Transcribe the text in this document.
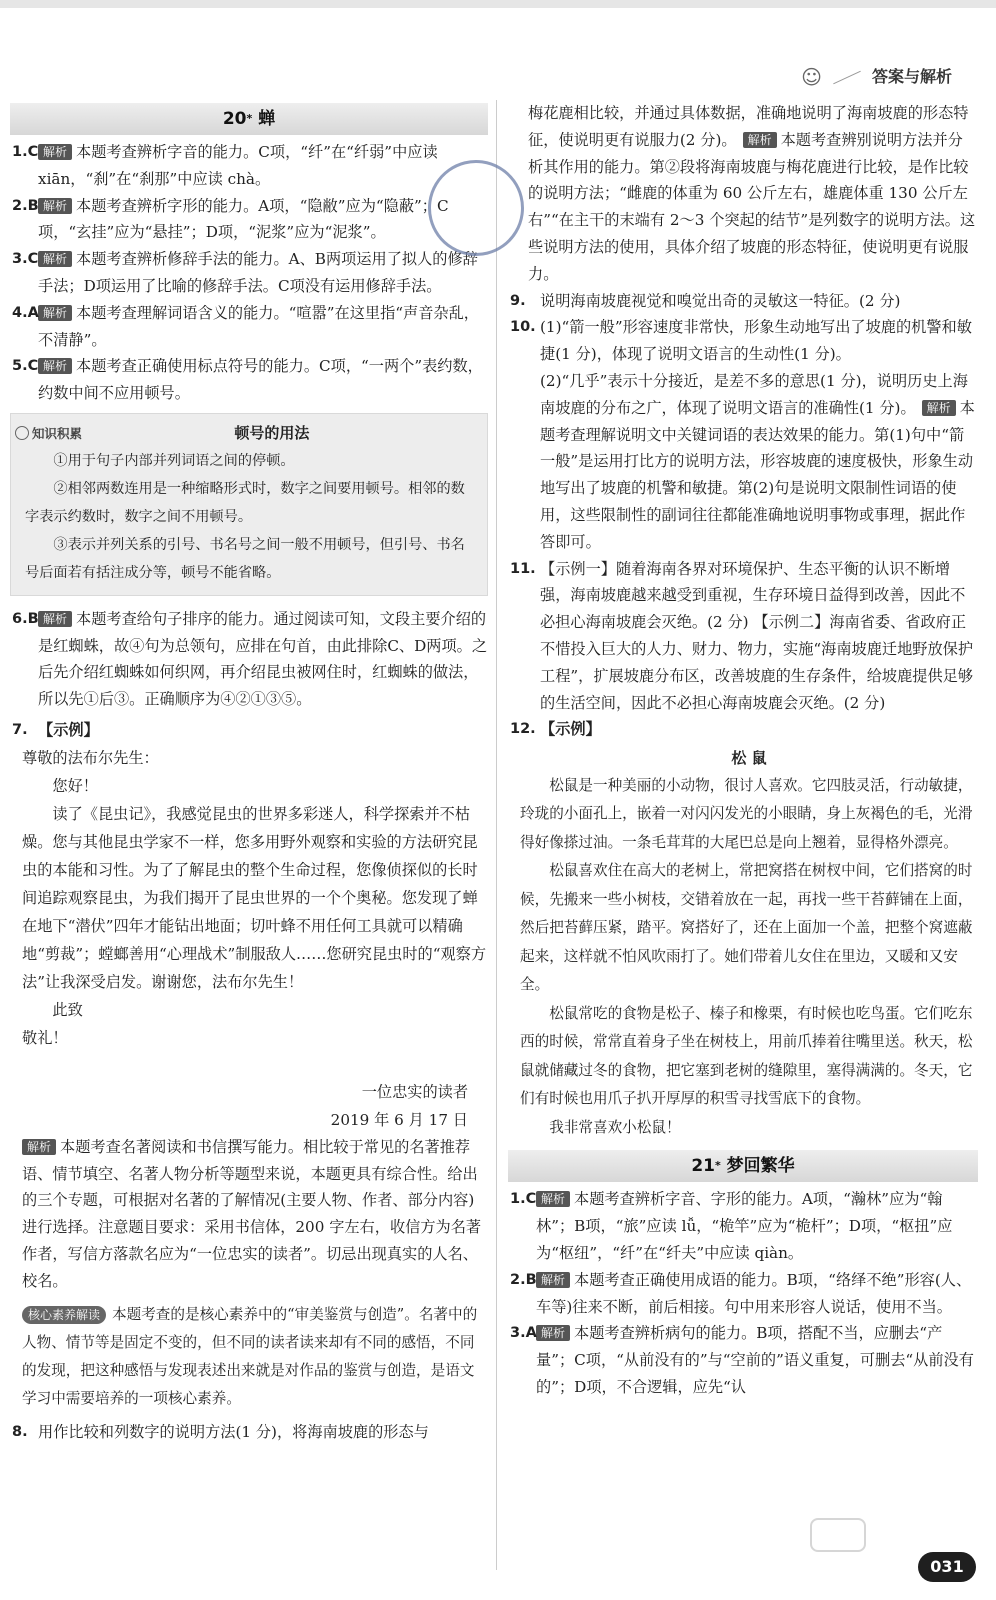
☺	答案与解析
20 *
蝉
1.C 解析 本题考查辨析字音的能力。C项，“纤”在“纤弱”中应读 xiān，“刹”在“刹那”中应读 chà。
2.B 解析 本题考查辨析字形的能力。A项，“隐敝”应为“隐蔽”；C项，“玄挂”应为“悬挂”；D项，“泥浆”应为“泥浆”。
3.C 解析 本题考查辨析修辞手法的能力。A、B两项运用了拟人的修辞手法；D项运用了比喻的修辞手法。C项没有运用修辞手法。
4.A 解析 本题考查理解词语含义的能力。“喧嚣”在这里指“声音杂乱，不清静”。
5.C 解析 本题考查正确使用标点符号的能力。C项，“一两个”表约数，约数中间不应用顿号。
知识积累	顿号的用法

①用于句子内部并列词语之间的停顿。

②相邻两数连用是一种缩略形式时，数字之间要用顿号。相邻的数字表示约数时，数字之间不用顿号。

③表示并列关系的引号、书名号之间一般不用顿号，但引号、书名号后面若有括注成分等，顿号不能省略。

6.B 解析 本题考查给句子排序的能力。通过阅读可知，文段主要介绍的是红蜘蛛，故④句为总领句，应排在句首，由此排除C、D两项。之后先介绍红蜘蛛如何织网，再介绍昆虫被网住时，红蜘蛛的做法，所以先①后③。正确顺序为④②①③⑤。
7. 【示例】

尊敬的法布尔先生：

您好！

读了《昆虫记》，我感觉昆虫的世界多彩迷人，科学探索并不枯燥。您与其他昆虫学家不一样，您多用野外观察和实验的方法研究昆虫的本能和习性。为了了解昆虫的整个生命过程，您像侦探似的长时间追踪观察昆虫，为我们揭开了昆虫世界的一个个奥秘。您发现了蝉在地下“潜伏”四年才能钻出地面；切叶蜂不用任何工具就可以精确地“剪裁”；螳螂善用“心理战术”制服敌人……您研究昆虫时的“观察方法”让我深受启发。谢谢您，法布尔先生！

此致

敬礼！

一位忠实的读者

2019 年 6 月 17 日

解析 本题考查名著阅读和书信撰写能力。相比较于常见的名著推荐语、情节填空、名著人物分析等题型来说，本题更具有综合性。给出的三个专题，可根据对名著的了解情况(主要人物、作者、部分内容)进行选择。注意题目要求：采用书信体，200 字左右，收信方为名著作者，写信方落款名应为“一位忠实的读者”。切忌出现真实的人名、校名。

核心素养解读 本题考查的是核心素养中的“审美鉴赏与创造”。名著中的人物、情节等是固定不变的，但不同的读者读来却有不同的感悟，不同的发现，把这种感悟与发现表述出来就是对作品的鉴赏与创造，是语文学习中需要培养的一项核心素养。

8. 用作比较和列数字的说明方法(1 分)，将海南坡鹿的形态与
梅花鹿相比较，并通过具体数据，准确地说明了海南坡鹿的形态特征，使说明更有说服力(2 分)。 解析 本题考查辨别说明方法并分析其作用的能力。第②段将海南坡鹿与梅花鹿进行比较，是作比较的说明方法；“雌鹿的体重为 60 公斤左右，雄鹿体重 130 公斤左右”“在主干的末端有 2～3 个突起的结节”是列数字的说明方法。这些说明方法的使用，具体介绍了坡鹿的形态特征，使说明更有说服力。
9. 说明海南坡鹿视觉和嗅觉出奇的灵敏这一特征。(2 分)
10. (1)“箭一般”形容速度非常快，形象生动地写出了坡鹿的机警和敏捷(1 分)，体现了说明文语言的生动性(1 分)。
(2)“几乎”表示十分接近，是差不多的意思(1 分)，说明历史上海南坡鹿的分布之广，体现了说明文语言的准确性(1 分)。 解析 本题考查理解说明文中关键词语的表达效果的能力。第(1)句中“箭一般”是运用打比方的说明方法，形容坡鹿的速度极快，形象生动地写出了坡鹿的机警和敏捷。第(2)句是说明文限制性词语的使用，这些限制性的副词往往都能准确地说明事物或事理，据此作答即可。
11. 【示例一】随着海南各界对环境保护、生态平衡的认识不断增强，海南坡鹿越来越受到重视，生存环境日益得到改善，因此不必担心海南坡鹿会灭绝。(2 分) 【示例二】海南省委、省政府正不惜投入巨大的人力、财力、物力，实施“海南坡鹿迁地野放保护工程”，扩展坡鹿分布区，改善坡鹿的生存条件，给坡鹿提供足够的生活空间，因此不必担心海南坡鹿会灭绝。(2 分)
12. 【示例】
松 鼠

松鼠是一种美丽的小动物，很讨人喜欢。它四肢灵活，行动敏捷，玲珑的小面孔上，嵌着一对闪闪发光的小眼睛，身上灰褐色的毛，光滑得好像搽过油。一条毛茸茸的大尾巴总是向上翘着，显得格外漂亮。

松鼠喜欢住在高大的老树上，常把窝搭在树杈中间，它们搭窝的时候，先搬来一些小树枝，交错着放在一起，再找一些干苔藓铺在上面，然后把苔藓压紧，踏平。窝搭好了，还在上面加一个盖，把整个窝遮蔽起来，这样就不怕风吹雨打了。她们带着儿女住在里边，又暖和又安全。

松鼠常吃的食物是松子、榛子和橡栗，有时候也吃鸟蛋。它们吃东西的时候，常常直着身子坐在树枝上，用前爪捧着往嘴里送。秋天，松鼠就储藏过冬的食物，把它塞到老树的缝隙里，塞得满满的。冬天，它们有时候也用爪子扒开厚厚的积雪寻找雪底下的食物。

我非常喜欢小松鼠！

21 *
梦回繁华
1.C 解析 本题考查辨析字音、字形的能力。A项，“瀚林”应为“翰林”；B项，“旅”应读 lǚ，“桅竿”应为“桅杆”；D项，“枢扭”应为“枢纽”，“纤”在“纤夫”中应读 qiàn。
2.B 解析 本题考查正确使用成语的能力。B项，“络绎不绝”形容(人、车等)往来不断，前后相接。句中用来形容人说话，使用不当。
3.A 解析 本题考查辨析病句的能力。B项，搭配不当，应删去“产量”；C项，“从前没有的”与“空前的”语义重复，可删去“从前没有的”；D项，不合逻辑，应先“认

031
